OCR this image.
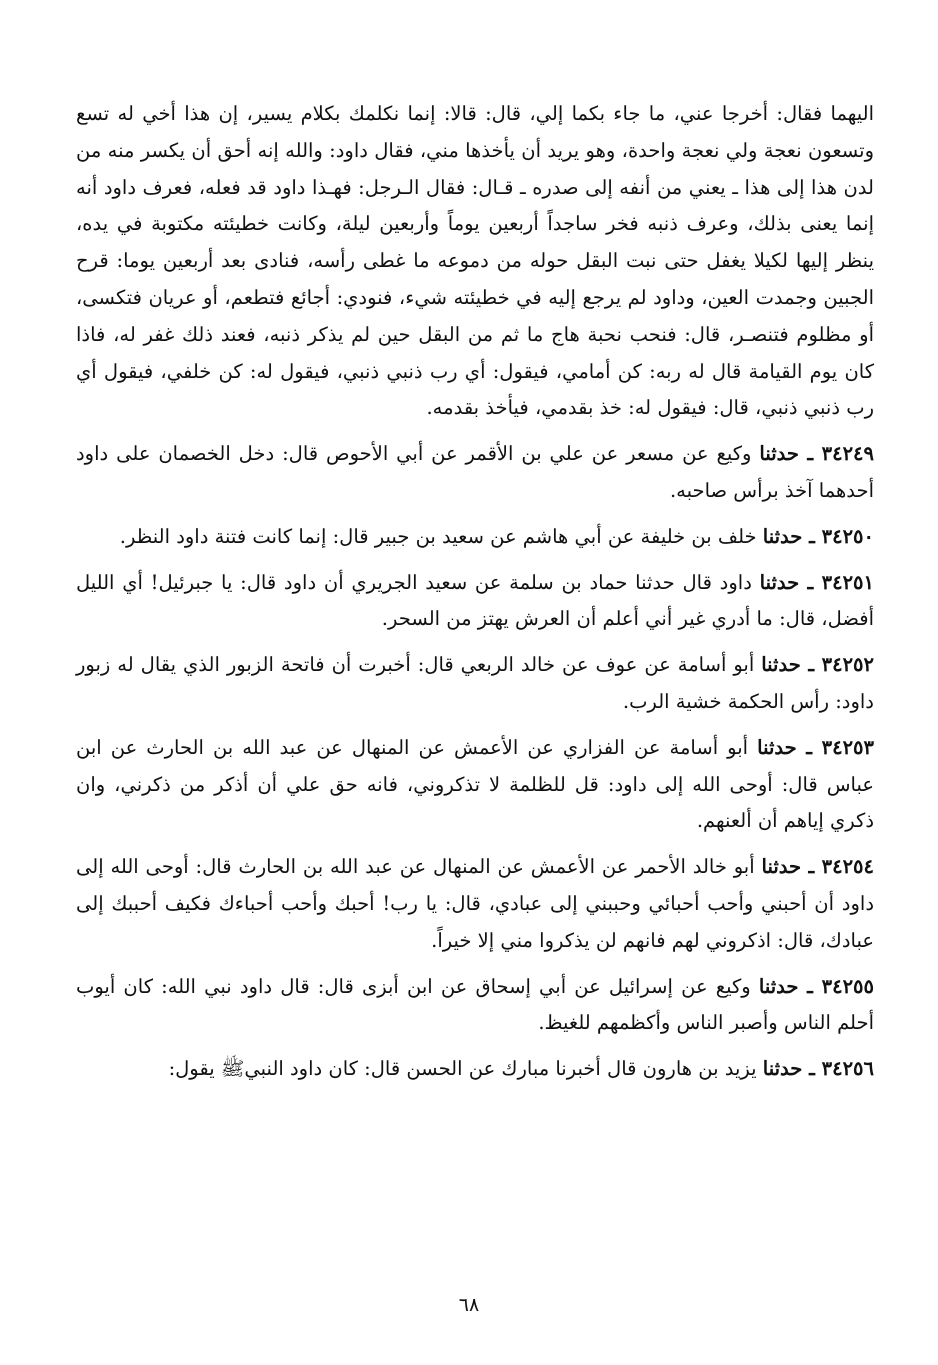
اليهما فقال: أخرجا عني، ما جاء بكما إلي، قال: قالا: إنما نكلمك بكلام يسير، إن هذا أخي له تسع وتسعون نعجة ولي نعجة واحدة، وهو يريد أن يأخذها مني، فقال داود: والله إنه أحق أن يكسر منه من لدن هذا إلى هذا ـ يعني من أنفه إلى صدره ـ قـال: فقال الـرجل: فهـذا داود قد فعله، فعرف داود أنه إنما يعنى بذلك، وعرف ذنبه فخر ساجداً أربعين يوماً وأربعين ليلة، وكانت خطيئته مكتوبة في يده، ينظر إليها لكيلا يغفل حتى نبت البقل حوله من دموعه ما غطى رأسه، فنادى بعد أربعين يوما: قرح الجبين وجمدت العين، وداود لم يرجع إليه في خطيئته شيء، فنودي: أجائع فتطعم، أو عريان فتكسى، أو مظلوم فتنصـر، قال: فنحب نحبة هاج ما ثم من البقل حين لم يذكر ذنبه، فعند ذلك غفر له، فاذا كان يوم القيامة قال له ربه: كن أمامي، فيقول: أي رب ذنبي ذنبي، فيقول له: كن خلفي، فيقول أي رب ذنبي ذنبي، قال: فيقول له: خذ بقدمي، فيأخذ بقدمه.

٣٤٢٤٩ ـ حدثنا وكيع عن مسعر عن علي بن الأقمر عن أبي الأحوص قال: دخل الخصمان على داود أحدهما آخذ برأس صاحبه.

٣٤٢٥٠ ـ حدثنا خلف بن خليفة عن أبي هاشم عن سعيد بن جبير قال: إنما كانت فتنة داود النظر.

٣٤٢٥١ ـ حدثنا داود قال حدثنا حماد بن سلمة عن سعيد الجريري أن داود قال: يا جبرئيل! أي الليل أفضل، قال: ما أدري غير أني أعلم أن العرش يهتز من السحر.

٣٤٢٥٢ ـ حدثنا أبو أسامة عن عوف عن خالد الربعي قال: أخبرت أن فاتحة الزبور الذي يقال له زبور داود: رأس الحكمة خشية الرب.

٣٤٢٥٣ ـ حدثنا أبو أسامة عن الفزاري عن الأعمش عن المنهال عن عبد الله بن الحارث عن ابن عباس قال: أوحى الله إلى داود: قل للظلمة لا تذكروني، فانه حق علي أن أذكر من ذكرني، وان ذكري إياهم أن ألعنهم.

٣٤٢٥٤ ـ حدثنا أبو خالد الأحمر عن الأعمش عن المنهال عن عبد الله بن الحارث قال: أوحى الله إلى داود أن أحبني وأحب أحبائي وحببني إلى عبادي، قال: يا رب! أحبك وأحب أحباءك فكيف أحببك إلى عبادك، قال: اذكروني لهم فانهم لن يذكروا مني إلا خيراً.

٣٤٢٥٥ ـ حدثنا وكيع عن إسرائيل عن أبي إسحاق عن ابن أبزى قال: قال داود نبي الله: كان أيوب أحلم الناس وأصبر الناس وأكظمهم للغيظ.

٣٤٢٥٦ ـ حدثنا يزيد بن هارون قال أخبرنا مبارك عن الحسن قال: كان داود النبيﷺ يقول:

٦٨
